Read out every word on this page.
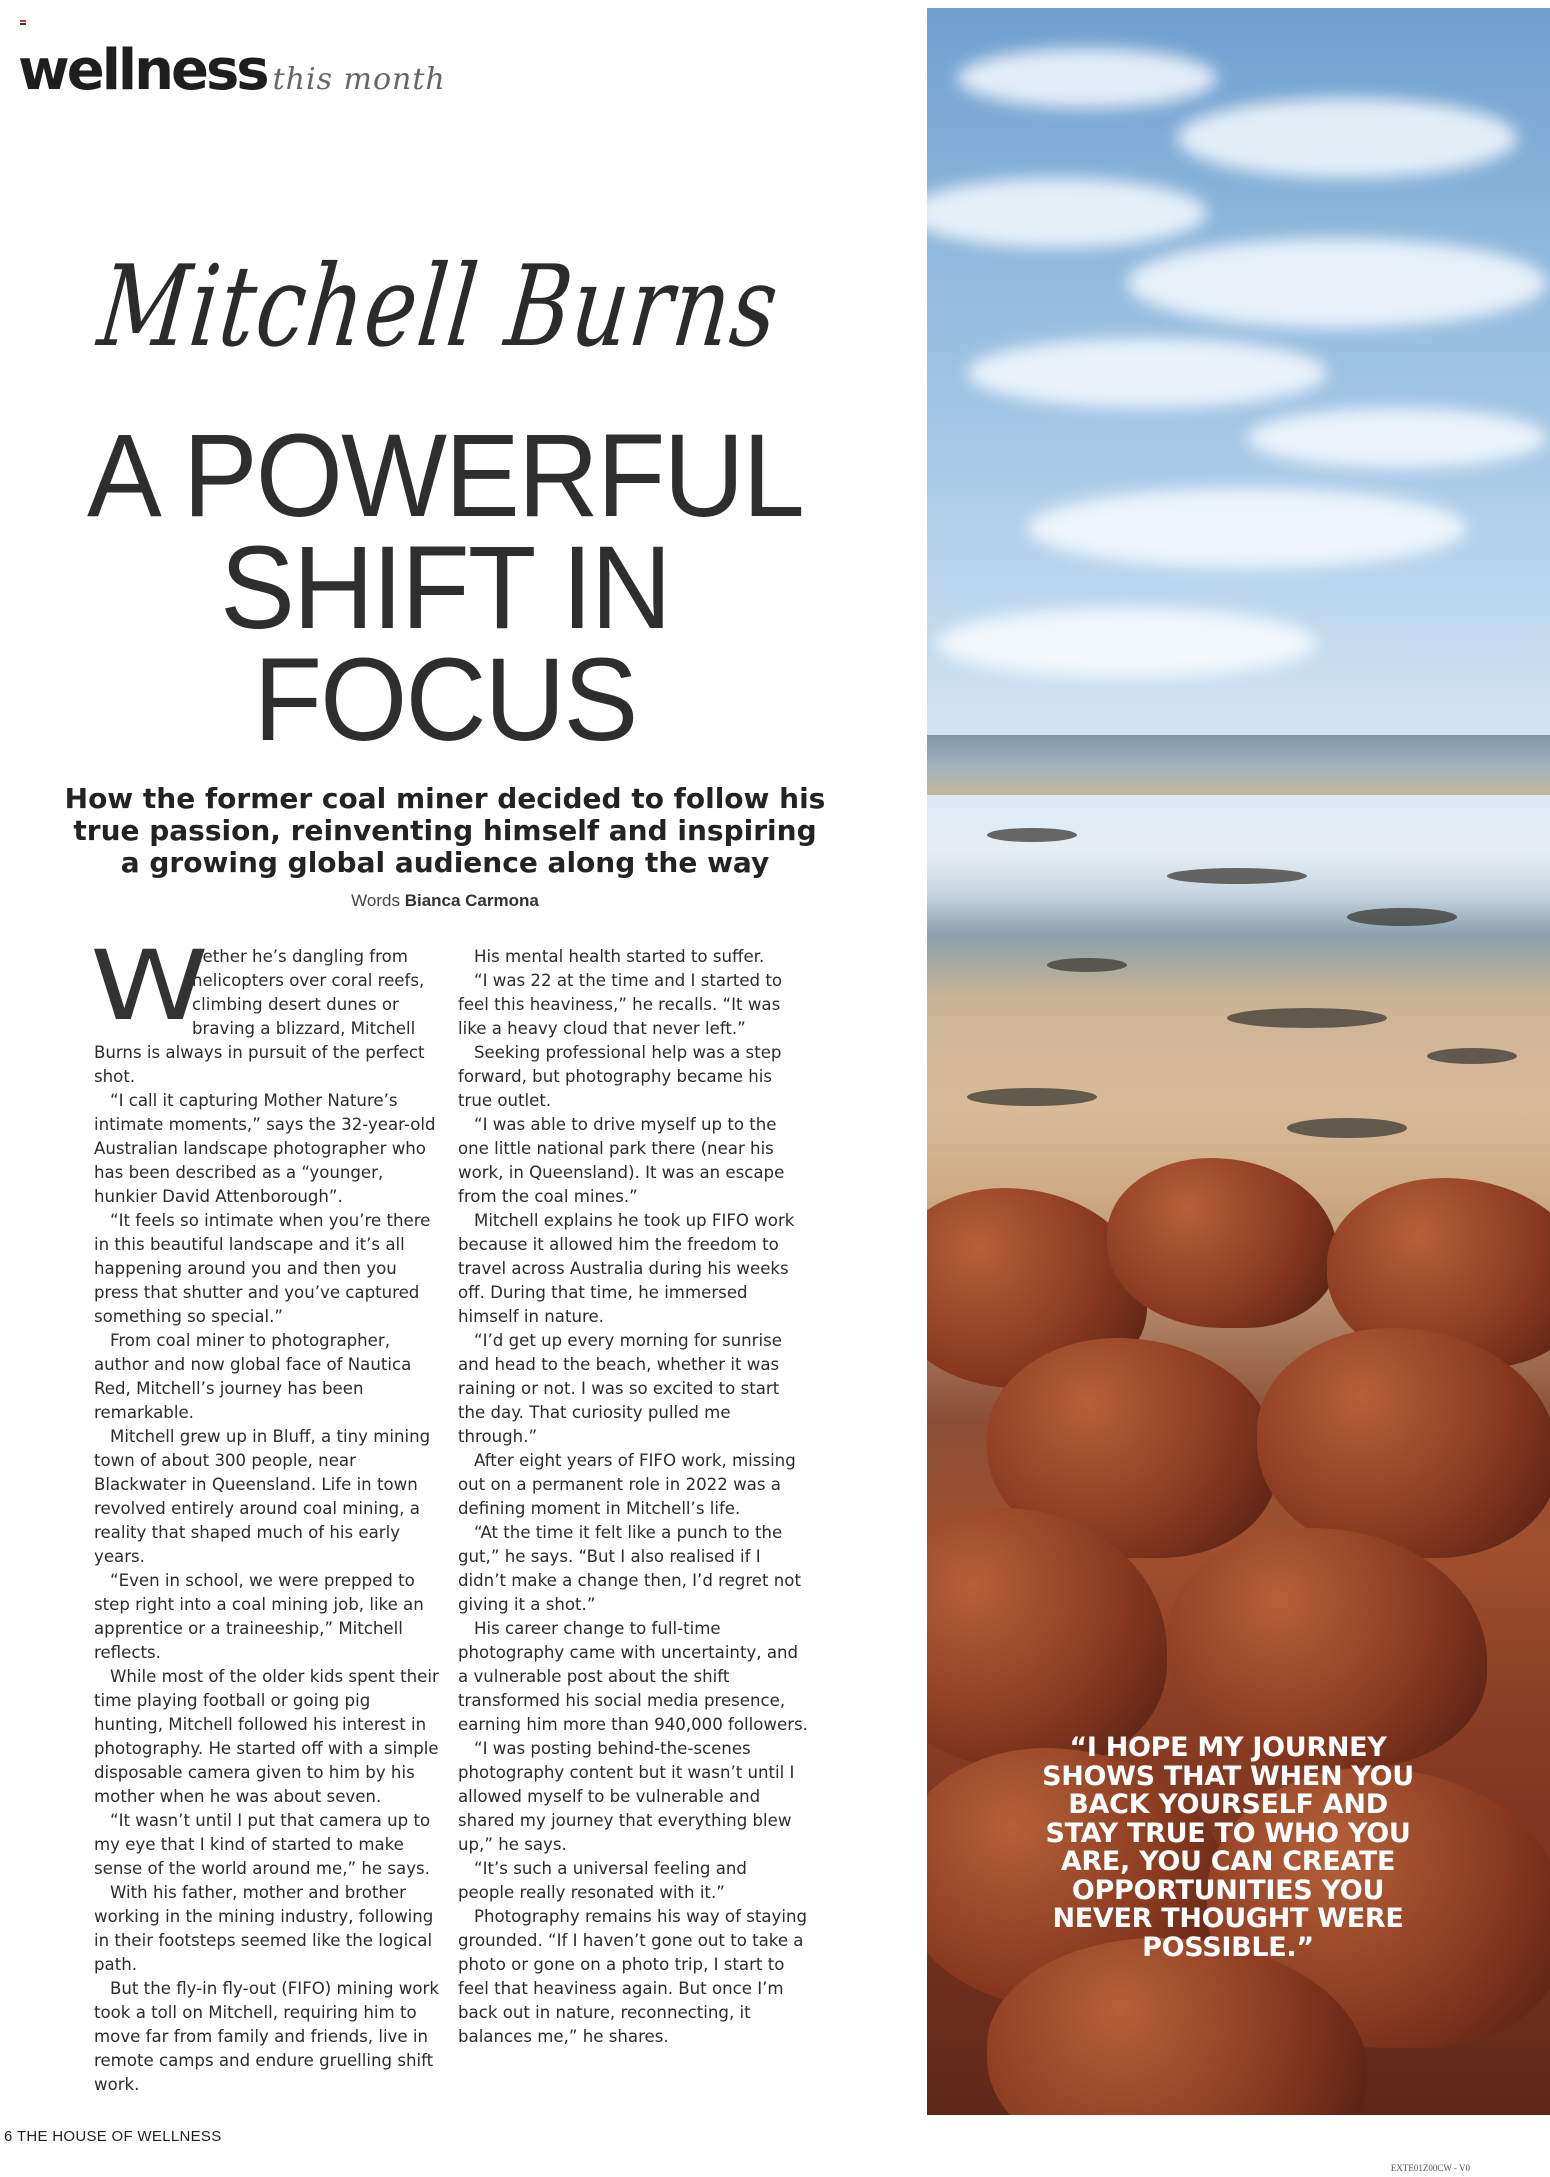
wellness this month
Mitchell Burns
A POWERFUL
SHIFT IN
FOCUS

How the former coal miner decided to follow his true passion, reinventing himself and inspiring a growing global audience along the way

Words Bianca Carmona
W

hether he’s dangling from helicopters over coral reefs, climbing desert dunes or braving a blizzard, Mitchell Burns is always in pursuit of the perfect shot.

“I call it capturing Mother Nature’s intimate moments,” says the 32-year-old Australian landscape photographer who has been described as a “younger, hunkier David Attenborough”.

“It feels so intimate when you’re there in this beautiful landscape and it’s all happening around you and then you press that shutter and you’ve captured something so special.”

From coal miner to photographer, author and now global face of Nautica Red, Mitchell’s journey has been remarkable.

Mitchell grew up in Bluff, a tiny mining town of about 300 people, near Blackwater in Queensland. Life in town revolved entirely around coal mining, a reality that shaped much of his early years.

“Even in school, we were prepped to step right into a coal mining job, like an apprentice or a traineeship,” Mitchell reflects.

While most of the older kids spent their time playing football or going pig hunting, Mitchell followed his interest in photography. He started off with a simple disposable camera given to him by his mother when he was about seven.

“It wasn’t until I put that camera up to my eye that I kind of started to make sense of the world around me,” he says.

With his father, mother and brother working in the mining industry, following in their footsteps seemed like the logical path.

But the fly-in fly-out (FIFO) mining work took a toll on Mitchell, requiring him to move far from family and friends, live in remote camps and endure gruelling shift work.

His mental health started to suffer.

“I was 22 at the time and I started to feel this heaviness,” he recalls. “It was like a heavy cloud that never left.”

Seeking professional help was a step forward, but photography became his true outlet.

“I was able to drive myself up to the one little national park there (near his work, in Queensland). It was an escape from the coal mines.”

Mitchell explains he took up FIFO work because it allowed him the freedom to travel across Australia during his weeks off. During that time, he immersed himself in nature.

“I’d get up every morning for sunrise and head to the beach, whether it was raining or not. I was so excited to start the day. That curiosity pulled me through.”

After eight years of FIFO work, missing out on a permanent role in 2022 was a defining moment in Mitchell’s life.

“At the time it felt like a punch to the gut,” he says. “But I also realised if I didn’t make a change then, I’d regret not giving it a shot.”

His career change to full-time photography came with uncertainty, and a vulnerable post about the shift transformed his social media presence, earning him more than 940,000 followers.

“I was posting behind-the-scenes photography content but it wasn’t until I allowed myself to be vulnerable and shared my journey that everything blew up,” he says.

“It’s such a universal feeling and people really resonated with it.”

Photography remains his way of staying grounded. “If I haven’t gone out to take a photo or gone on a photo trip, I start to feel that heaviness again. But once I’m back out in nature, reconnecting, it balances me,” he shares.

“I HOPE MY JOURNEY SHOWS THAT WHEN YOU BACK YOURSELF AND STAY TRUE TO WHO YOU ARE, YOU CAN CREATE OPPORTUNITIES YOU NEVER THOUGHT WERE POSSIBLE.”
6 THE HOUSE OF WELLNESS
EXTE01Z00CW - V0
